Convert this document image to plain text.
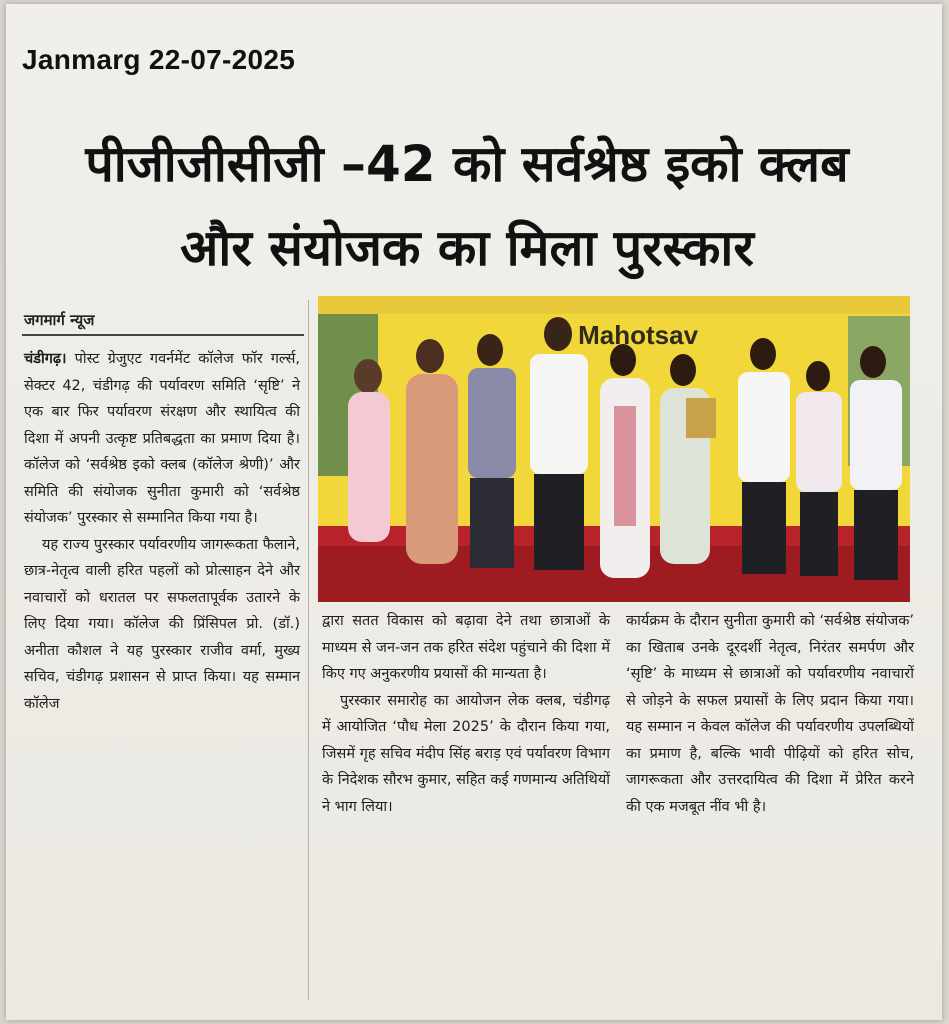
Janmarg 22-07-2025
पीजीजीसीजी –42 को सर्वश्रेष्ठ इको क्लब
और संयोजक का मिला पुरस्कार
जगमार्ग न्यूज	n Mahotsav

चंडीगढ़। पोस्ट ग्रेजुएट गवर्नमेंट कॉलेज फॉर गर्ल्स, सेक्टर 42, चंडीगढ़ की पर्यावरण समिति ‘सृष्टि’ ने एक बार फिर पर्यावरण संरक्षण और स्थायित्व की दिशा में अपनी उत्कृष्ट प्रतिबद्धता का प्रमाण दिया है। कॉलेज को ‘सर्वश्रेष्ठ इको क्लब (कॉलेज श्रेणी)’ और समिति की संयोजक सुनीता कुमारी को ‘सर्वश्रेष्ठ संयोजक’ पुरस्कार से सम्मानित किया गया है।

यह राज्य पुरस्कार पर्यावरणीय जागरूकता फैलाने, छात्र-नेतृत्व वाली हरित पहलों को प्रोत्साहन देने और नवाचारों को धरातल पर सफलतापूर्वक उतारने के लिए दिया गया। कॉलेज की प्रिंसिपल प्रो. (डॉ.) अनीता कौशल ने यह पुरस्कार राजीव वर्मा, मुख्य सचिव, चंडीगढ़ प्रशासन से प्राप्त किया। यह सम्मान कॉलेज

द्वारा सतत विकास को बढ़ावा देने तथा छात्राओं के माध्यम से जन-जन तक हरित संदेश पहुंचाने की दिशा में किए गए अनुकरणीय प्रयासों की मान्यता है।

पुरस्कार समारोह का आयोजन लेक क्लब, चंडीगढ़ में आयोजित ‘पौध मेला 2025’ के दौरान किया गया, जिसमें गृह सचिव मंदीप सिंह बराड़ एवं पर्यावरण विभाग के निदेशक सौरभ कुमार, सहित कई गणमान्य अतिथियों ने भाग लिया।

कार्यक्रम के दौरान सुनीता कुमारी को ‘सर्वश्रेष्ठ संयोजक’ का खिताब उनके दूरदर्शी नेतृत्व, निरंतर समर्पण और ‘सृष्टि’ के माध्यम से छात्राओं को पर्यावरणीय नवाचारों से जोड़ने के सफल प्रयासों के लिए प्रदान किया गया। यह सम्मान न केवल कॉलेज की पर्यावरणीय उपलब्धियों का प्रमाण है, बल्कि भावी पीढ़ियों को हरित सोच, जागरूकता और उत्तरदायित्व की दिशा में प्रेरित करने की एक मजबूत नींव भी है।
